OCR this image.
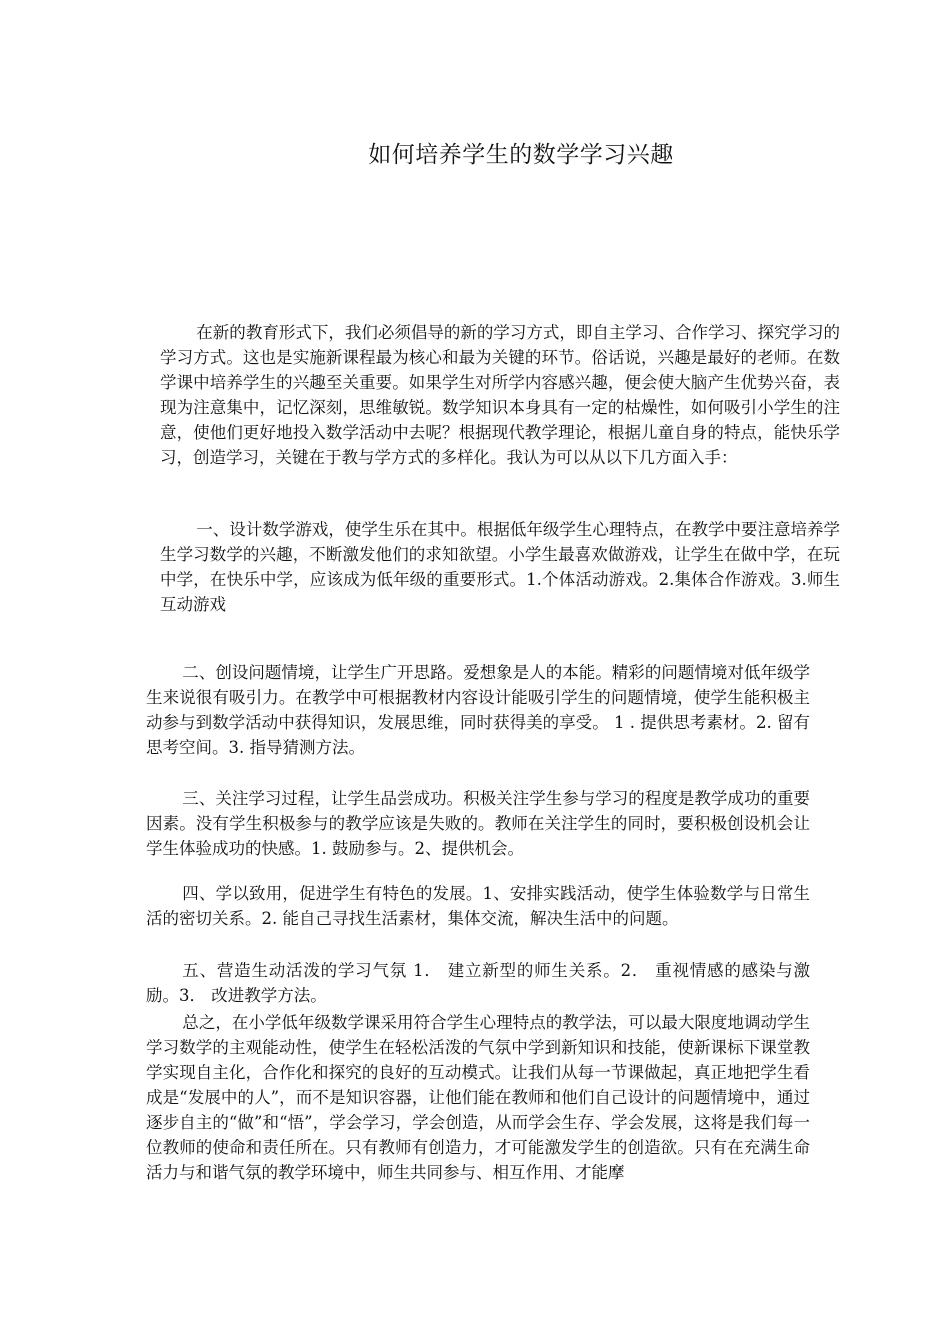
如何培养学生的数学学习兴趣

在新的教育形式下，我们必须倡导的新的学习方式，即自主学习、合作学习、探究学习的学习方式。这也是实施新课程最为核心和最为关键的环节。俗话说，兴趣是最好的老师。在数学课中培养学生的兴趣至关重要。如果学生对所学内容感兴趣，便会使大脑产生优势兴奋，表现为注意集中，记忆深刻，思维敏锐。数学知识本身具有一定的枯燥性，如何吸引小学生的注意，使他们更好地投入数学活动中去呢？根据现代教学理论，根据儿童自身的特点，能快乐学习，创造学习，关键在于教与学方式的多样化。我认为可以从以下几方面入手：

一、设计数学游戏，使学生乐在其中。根据低年级学生心理特点，在教学中要注意培养学生学习数学的兴趣，不断激发他们的求知欲望。小学生最喜欢做游戏，让学生在做中学，在玩中学，在快乐中学，应该成为低年级的重要形式。1.个体活动游戏。2.集体合作游戏。3.师生互动游戏

二、创设问题情境，让学生广开思路。爱想象是人的本能。精彩的问题情境对低年级学生来说很有吸引力。在教学中可根据教材内容设计能吸引学生的问题情境，使学生能积极主动参与到数学活动中获得知识，发展思维，同时获得美的享受。 1 . 提供思考素材。2. 留有思考空间。3. 指导猜测方法。

三、关注学习过程，让学生品尝成功。积极关注学生参与学习的程度是教学成功的重要因素。没有学生积极参与的教学应该是失败的。教师在关注学生的同时，要积极创设机会让学生体验成功的快感。1. 鼓励参与。2、提供机会。

四、学以致用，促进学生有特色的发展。1、安排实践活动，使学生体验数学与日常生活的密切关系。2. 能自己寻找生活素材，集体交流，解决生活中的问题。

五、营造生动活泼的学习气氛 1． 建立新型的师生关系。2． 重视情感的感染与激励。3． 改进教学方法。

总之，在小学低年级数学课采用符合学生心理特点的教学法，可以最大限度地调动学生学习数学的主观能动性，使学生在轻松活泼的气氛中学到新知识和技能，使新课标下课堂教学实现自主化，合作化和探究的良好的互动模式。让我们从每一节课做起，真正地把学生看成是“发展中的人”，而不是知识容器，让他们能在教师和他们自己设计的问题情境中，通过逐步自主的“做”和“悟”，学会学习，学会创造，从而学会生存、学会发展，这将是我们每一位教师的使命和责任所在。只有教师有创造力，才可能激发学生的创造欲。只有在充满生命活力与和谐气氛的教学环境中，师生共同参与、相互作用、才能摩
